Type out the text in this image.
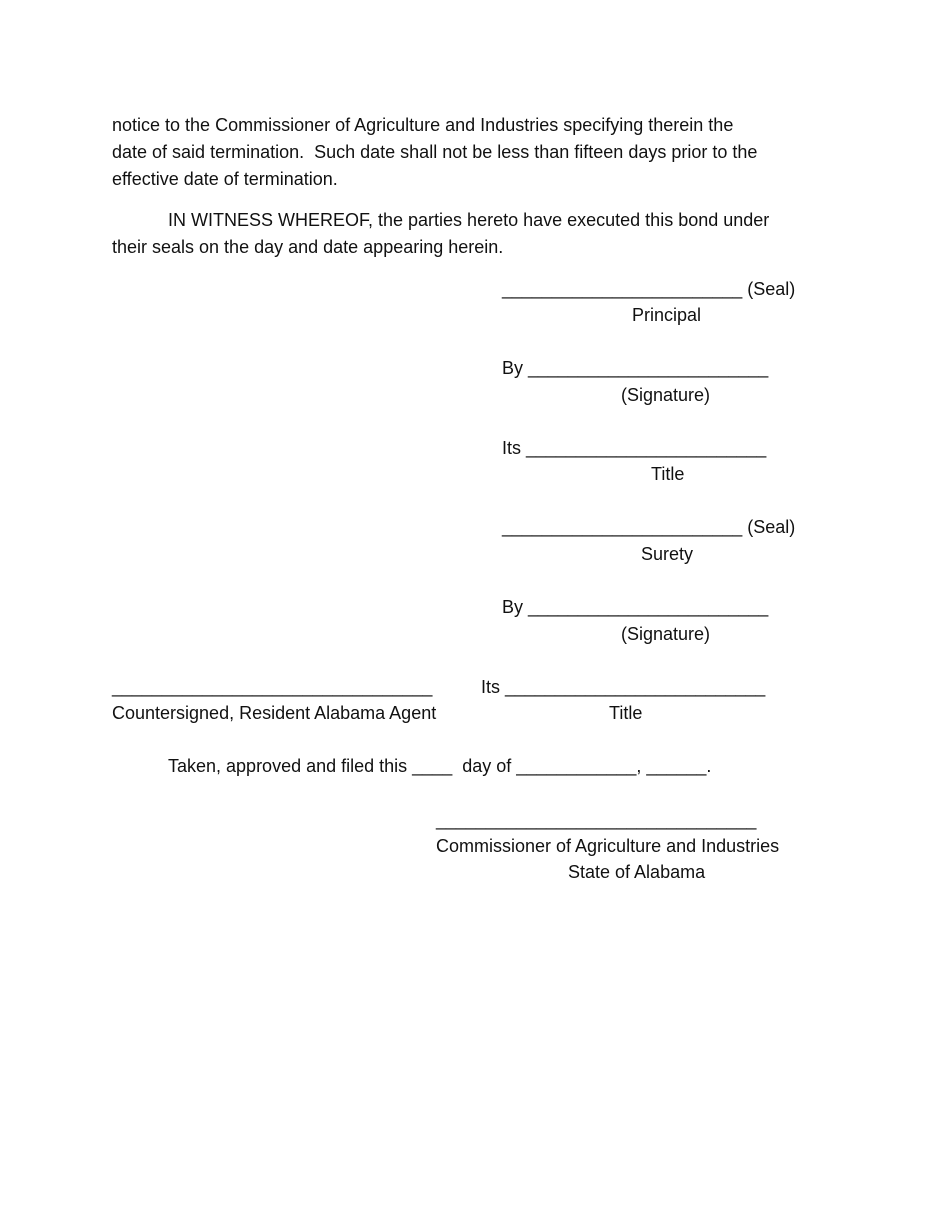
notice to the Commissioner of Agriculture and Industries specifying therein the

date of said termination.  Such date shall not be less than fifteen days prior to the

effective date of termination.

IN WITNESS WHEREOF, the parties hereto have executed this bond under

their seals on the day and date appearing herein.

________________________ (Seal)

Principal

By ________________________

(Signature)

Its ________________________

Title

________________________ (Seal)

Surety

By ________________________

(Signature)

________________________________

Countersigned, Resident Alabama Agent

Its __________________________

Title

Taken, approved and filed this ____  day of ____________, ______.

________________________________

Commissioner of Agriculture and Industries

State of Alabama
